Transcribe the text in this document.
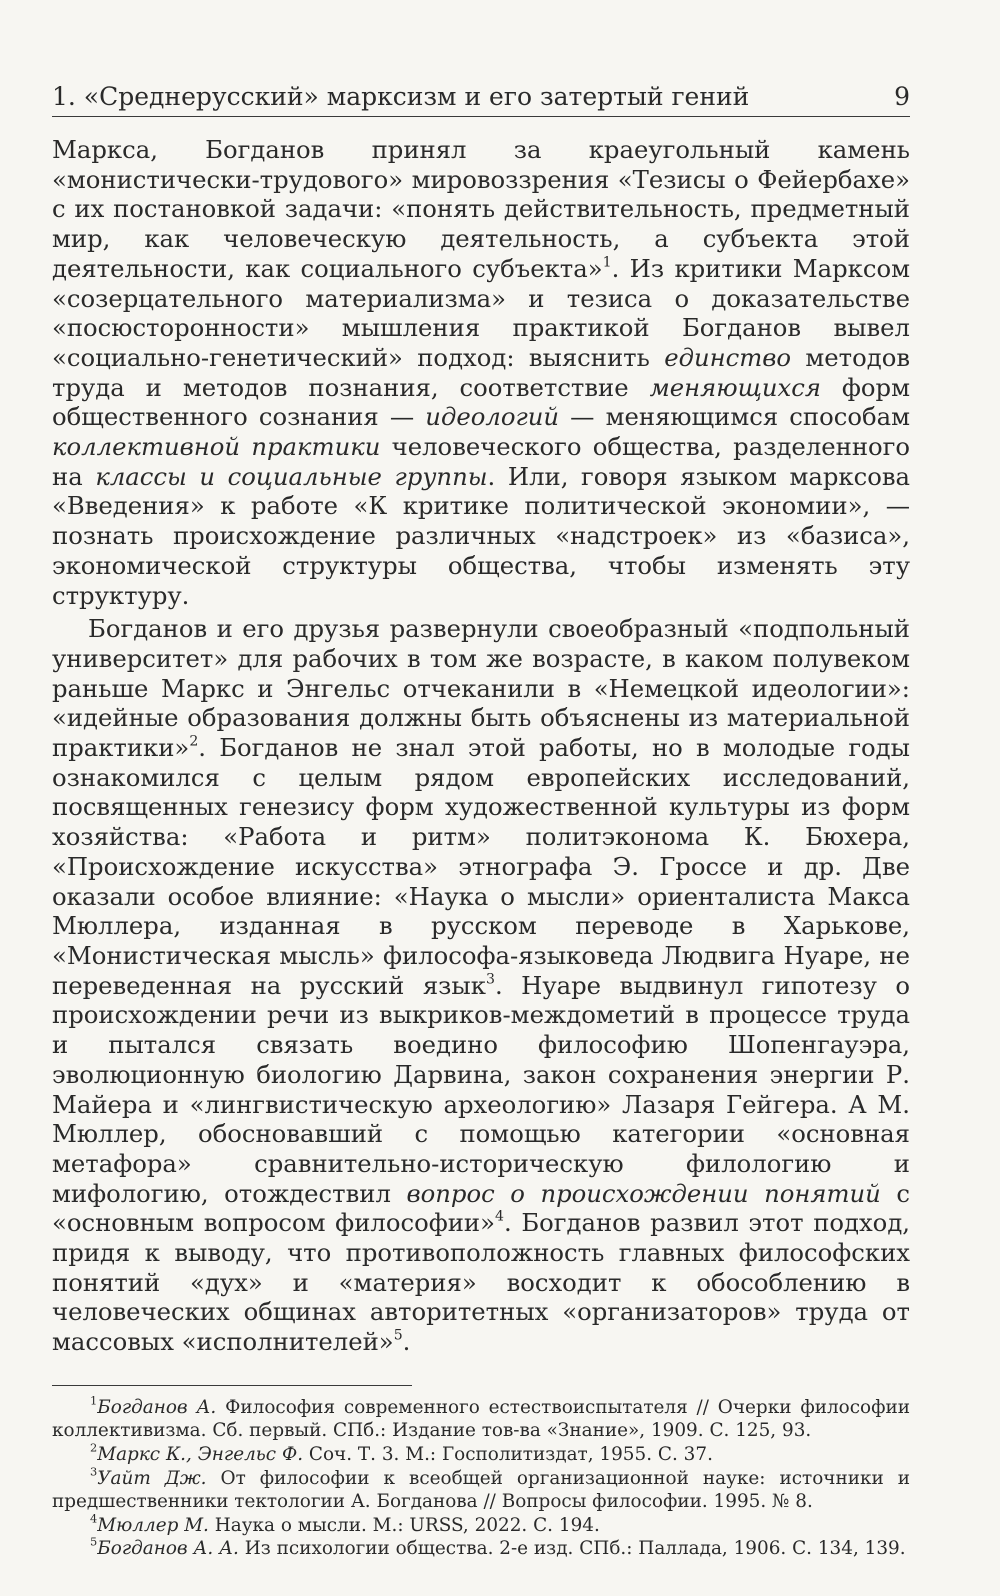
1. «Среднерусский» марксизм и его затертый гений	9

Маркса, Богданов принял за краеугольный камень «монистически-трудового» мировоззрения «Тезисы о Фейербахе» с их постановкой задачи: «понять действительность, предметный мир, как человеческую деятельность, а субъекта этой деятельности, как социального субъекта»$^1$. Из критики Марксом «созерцательного материализма» и тезиса о доказательстве «посюсторонности» мышления практикой Богданов вывел «социально-генетический» подход: выяснить единство методов труда и методов познания, соответствие меняющихся форм общественного сознания — идеологий — меняющимся способам коллективной практики человеческого общества, разделенного на классы и социальные группы. Или, говоря языком марксова «Введения» к работе «К критике политической экономии», — познать происхождение различных «надстроек» из «базиса», экономической структуры общества, чтобы изменять эту структуру.

Богданов и его друзья развернули своеобразный «подпольный университет» для рабочих в том же возрасте, в каком полувеком раньше Маркс и Энгельс отчеканили в «Немецкой идеологии»: «идейные образования должны быть объяснены из материальной практики»$^2$. Богданов не знал этой работы, но в молодые годы ознакомился с целым рядом европейских исследований, посвященных генезису форм художественной культуры из форм хозяйства: «Работа и ритм» политэконома К. Бюхера, «Происхождение искусства» этнографа Э. Гроссе и др. Две оказали особое влияние: «Наука о мысли» ориенталиста Макса Мюллера, изданная в русском переводе в Харькове, «Монистическая мысль» философа-языковеда Людвига Нуаре, не переведенная на русский язык$^3$. Нуаре выдвинул гипотезу о происхождении речи из выкриков-междометий в процессе труда и пытался связать воедино философию Шопенгауэра, эволюционную биологию Дарвина, закон сохранения энергии Р. Майера и «лингвистическую археологию» Лазаря Гейгера. А М. Мюллер, обосновавший с помощью категории «основная метафора» сравнительно-историческую филологию и мифологию, отождествил вопрос о происхождении понятий с «основным вопросом философии»$^4$. Богданов развил этот подход, придя к выводу, что противоположность главных философских понятий «дух» и «материя» восходит к обособлению в человеческих общинах авторитетных «организаторов» труда от массовых «исполнителей»$^5$.

$^1$Богданов А. Философия современного естествоиспытателя // Очерки философии коллективизма. Сб. первый. СПб.: Издание тов-ва «Знание», 1909. С. 125, 93.

$^2$Маркс К., Энгельс Ф. Соч. Т. 3. М.: Госполитиздат, 1955. С. 37.

$^3$Уайт Дж. От философии к всеобщей организационной науке: источники и предшественники тектологии А. Богданова // Вопросы философии. 1995. № 8.

$^4$Мюллер М. Наука о мысли. М.: URSS, 2022. С. 194.

$^5$Богданов А. А. Из психологии общества. 2-е изд. СПб.: Паллада, 1906. С. 134, 139.
